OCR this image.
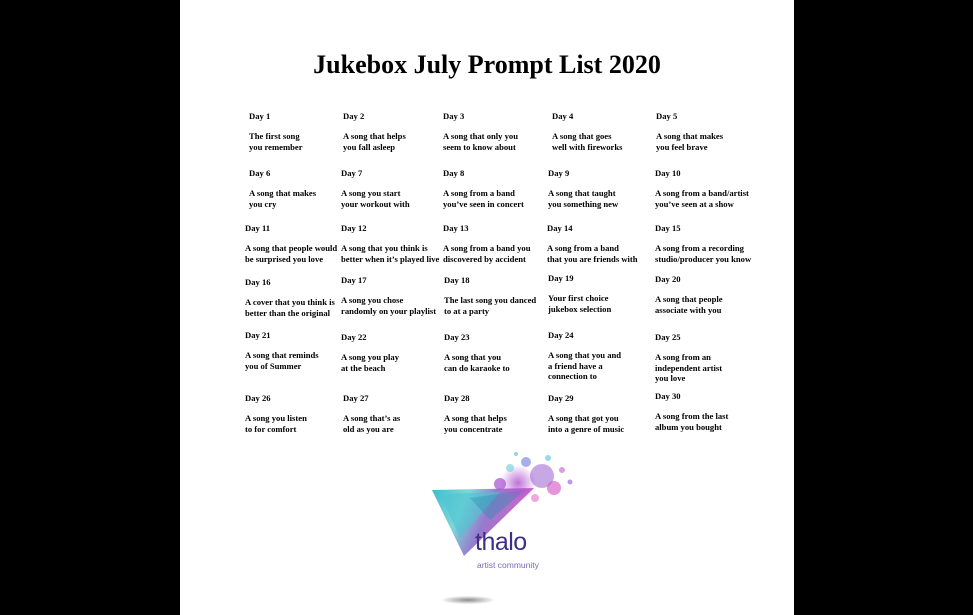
Jukebox July Prompt List 2020
Day 1
The first song
you remember
Day 2
A song that helps
you fall asleep
Day 3
A song that only you
seem to know about
Day 4
A song that goes
well with fireworks
Day 5
A song that makes
you feel brave
Day 6
A song that makes
you cry
Day 7
A song you start
your workout with
Day 8
A song from a band
you’ve seen in concert
Day 9
A song that taught
you something new
Day 10
A song from a band/artist
you’ve seen at a show
Day 11
A song that people would
be surprised you love
Day 12
A song that you think is
better when it’s played live
Day 13
A song from a band you
discovered by accident
Day 14
A song from a band
that you are friends with
Day 15
A song from a recording
studio/producer you know
Day 16
A cover that you think is
better than the original
Day 17
A song you chose
randomly on your playlist
Day 18
The last song you danced
to at a party
Day 19
Your first choice
jukebox selection
Day 20
A song that people
associate with you
Day 21
A song that reminds
you of Summer
Day 22
A song you play
at the beach
Day 23
A song that you
can do karaoke to
Day 24
A song that you and
a friend have a
connection to
Day 25
A song from an
independent artist
you love
Day 26
A song you listen
to for comfort
Day 27
A song that’s as
old as you are
Day 28
A song that helps
you concentrate
Day 29
A song that got you
into a genre of music
Day 30
A song from the last
album you bought
thalo
artist community
